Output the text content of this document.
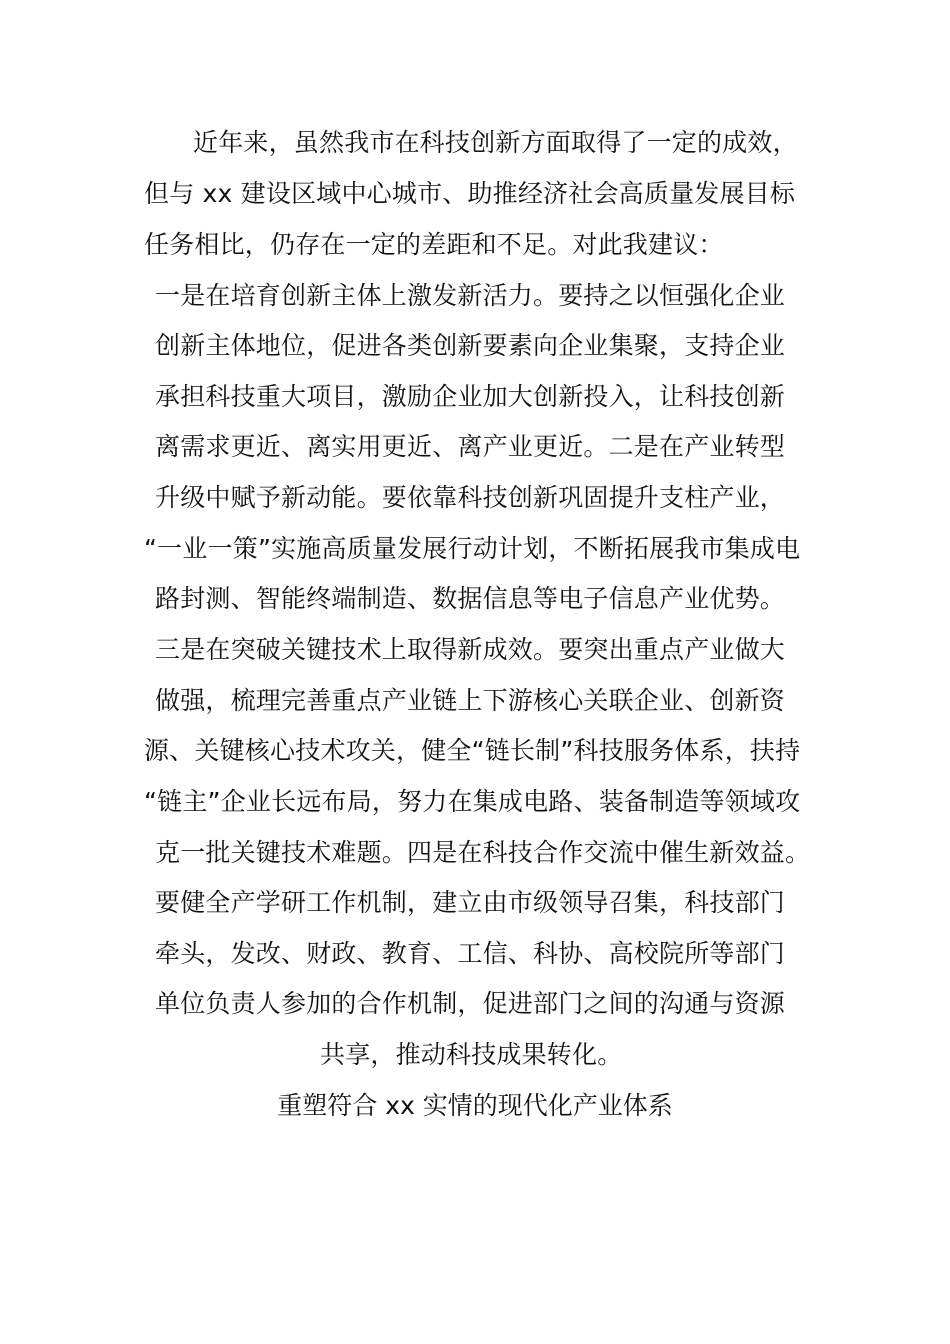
近年来，虽然我市在科技创新方面取得了一定的成效，
但与 xx 建设区域中心城市、助推经济社会高质量发展目标
任务相比，仍存在一定的差距和不足。对此我建议：
一是在培育创新主体上激发新活力。要持之以恒强化企业
创新主体地位，促进各类创新要素向企业集聚，支持企业
承担科技重大项目，激励企业加大创新投入，让科技创新
离需求更近、离实用更近、离产业更近。二是在产业转型
升级中赋予新动能。要依靠科技创新巩固提升支柱产业，
“一业一策”实施高质量发展行动计划，不断拓展我市集成电
路封测、智能终端制造、数据信息等电子信息产业优势。
三是在突破关键技术上取得新成效。要突出重点产业做大
做强，梳理完善重点产业链上下游核心关联企业、创新资
源、关键核心技术攻关，健全“链长制”科技服务体系，扶持
“链主”企业长远布局，努力在集成电路、装备制造等领域攻
克一批关键技术难题。四是在科技合作交流中催生新效益。
要健全产学研工作机制，建立由市级领导召集，科技部门
牵头，发改、财政、教育、工信、科协、高校院所等部门
单位负责人参加的合作机制，促进部门之间的沟通与资源
共享，推动科技成果转化。
重塑符合 xx 实情的现代化产业体系
